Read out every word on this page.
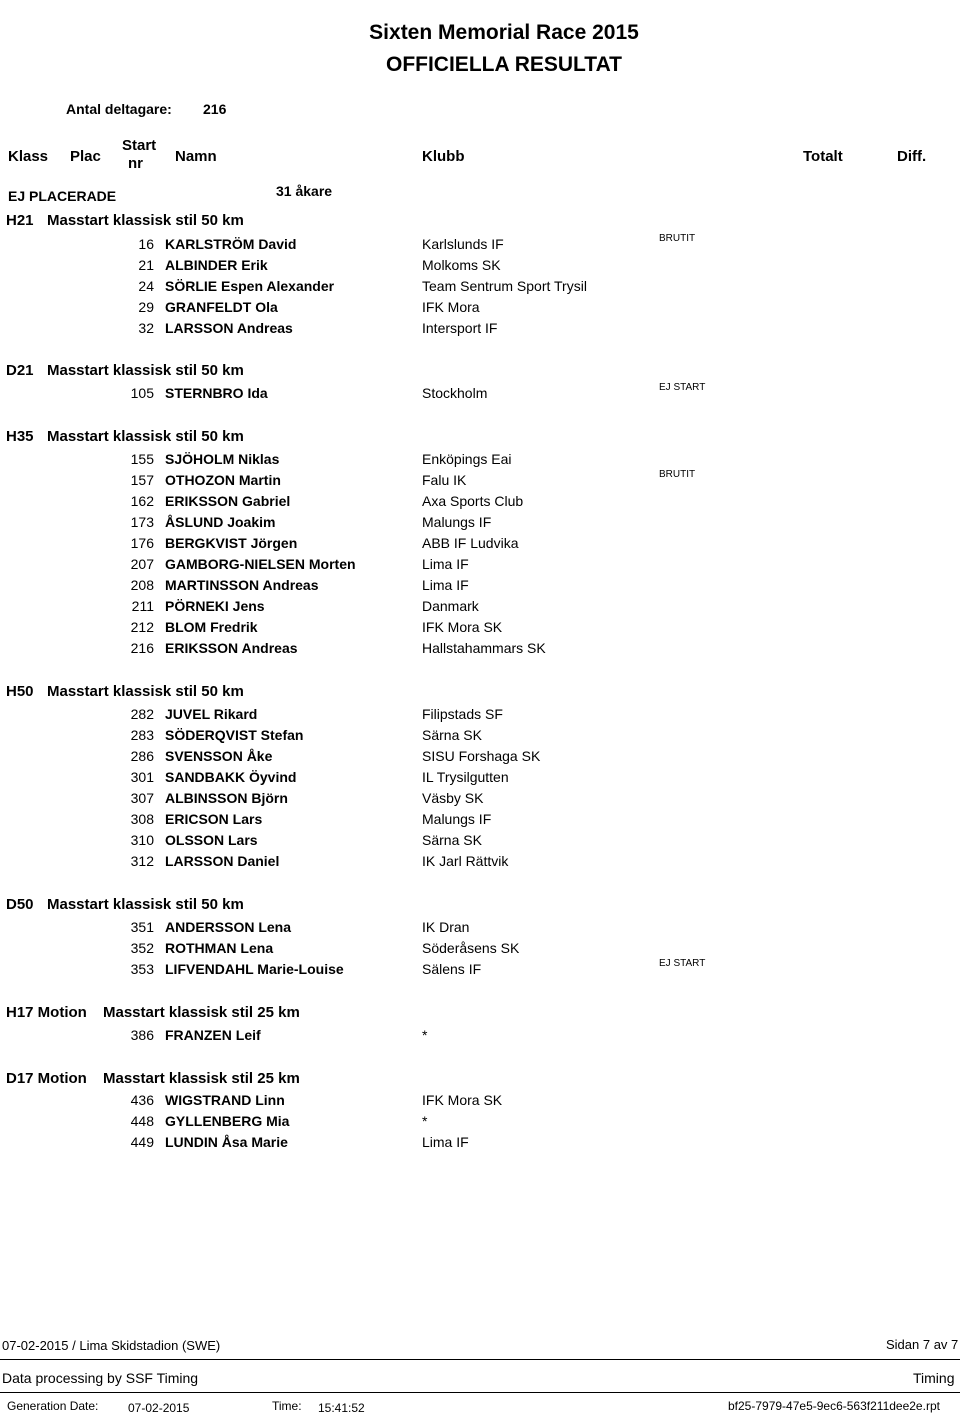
Sixten Memorial Race 2015
OFFICIELLA RESULTAT
Antal deltagare: 216
Klass Plac
Start
nr Namn	Klubb	Totalt	Diff.
EJ PLACERADE	31 åkare
H21 Masstart klassisk stil 50 km
16 KARLSTRÖM David	Karlslunds IF	BRUTIT
21 ALBINDER Erik	Molkoms SK
24 SÖRLIE Espen Alexander	Team Sentrum Sport Trysil
29 GRANFELDT Ola	IFK Mora
32 LARSSON Andreas	Intersport IF
D21 Masstart klassisk stil 50 km
105 STERNBRO Ida	Stockholm	EJ START
H35 Masstart klassisk stil 50 km
155 SJÖHOLM Niklas	Enköpings Eai
157 OTHOZON Martin	Falu IK	BRUTIT
162 ERIKSSON Gabriel	Axa Sports Club
173 ÅSLUND Joakim	Malungs IF
176 BERGKVIST Jörgen	ABB IF Ludvika
207 GAMBORG-NIELSEN Morten	Lima IF
208 MARTINSSON Andreas	Lima IF
211 PÖRNEKI Jens	Danmark
212 BLOM Fredrik	IFK Mora SK
216 ERIKSSON Andreas	Hallstahammars SK
H50 Masstart klassisk stil 50 km
282 JUVEL Rikard	Filipstads SF
283 SÖDERQVIST Stefan	Särna SK
286 SVENSSON Åke	SISU Forshaga SK
301 SANDBAKK Öyvind	IL Trysilgutten
307 ALBINSSON Björn	Väsby SK
308 ERICSON Lars	Malungs IF
310 OLSSON Lars	Särna SK
312 LARSSON Daniel	IK Jarl Rättvik
D50 Masstart klassisk stil 50 km
351 ANDERSSON Lena	IK Dran
352 ROTHMAN Lena	Söderåsens SK
353 LIFVENDAHL Marie-Louise	Sälens IF	EJ START
H17 Motion Masstart klassisk stil 25 km
386 FRANZEN Leif	*
D17 Motion Masstart klassisk stil 25 km
436 WIGSTRAND Linn	IFK Mora SK
448 GYLLENBERG Mia	*
449 LUNDIN Åsa Marie	Lima IF
07-02-2015 / Lima Skidstadion (SWE)	Sidan 7 av 7
Data processing by SSF Timing	Timing
Generation Date: 07-02-2015	Time: 15:41:52	bf25-7979-47e5-9ec6-563f211dee2e.rpt
